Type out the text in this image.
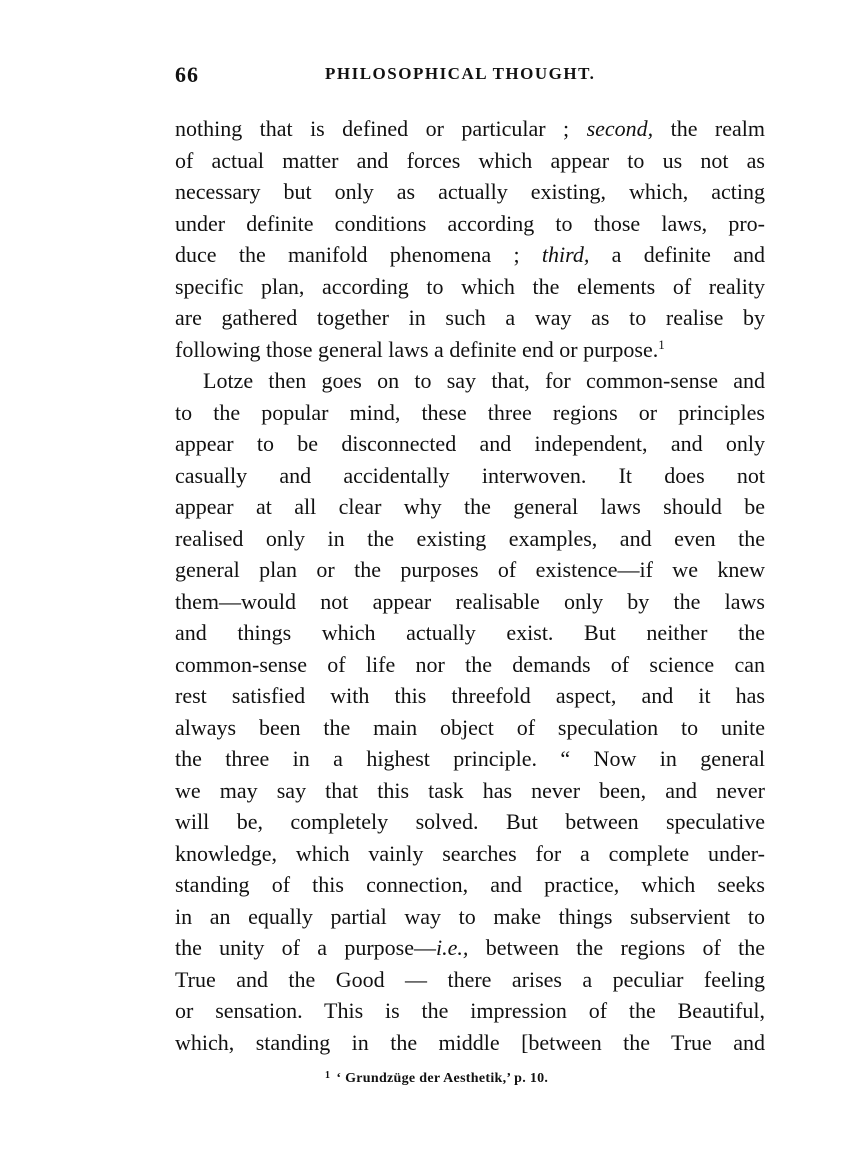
66	PHILOSOPHICAL THOUGHT.
nothing that is defined or particular ; second, the realm
of actual matter and forces which appear to us not as
necessary but only as actually existing, which, acting
under definite conditions according to those laws, pro-
duce the manifold phenomena ; third, a definite and
specific plan, according to which the elements of reality
are gathered together in such a way as to realise by
following those general laws a definite end or purpose.$^1$
Lotze then goes on to say that, for common-sense and
to the popular mind, these three regions or principles
appear to be disconnected and independent, and only
casually and accidentally interwoven. It does not
appear at all clear why the general laws should be
realised only in the existing examples, and even the
general plan or the purposes of existence—if we knew
them—would not appear realisable only by the laws
and things which actually exist. But neither the
common-sense of life nor the demands of science can
rest satisfied with this threefold aspect, and it has
always been the main object of speculation to unite
the three in a highest principle. “ Now in general
we may say that this task has never been, and never
will be, completely solved. But between speculative
knowledge, which vainly searches for a complete under-
standing of this connection, and practice, which seeks
in an equally partial way to make things subservient to
the unity of a purpose—i.e., between the regions of the
True and the Good — there arises a peculiar feeling
or sensation. This is the impression of the Beautiful,
which, standing in the middle [between the True and
$^1$ ‘ Grundzüge der Aesthetik,’ p. 10.
